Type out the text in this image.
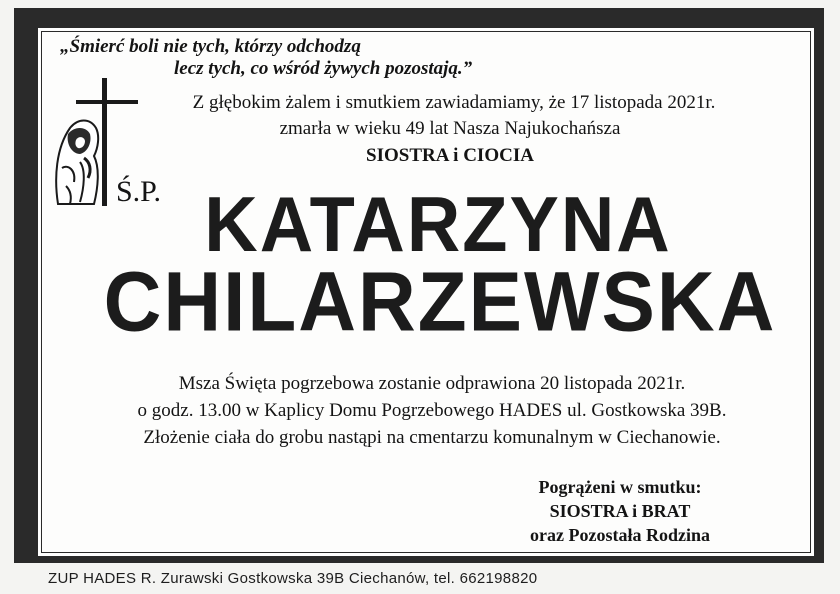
„Śmierć boli nie tych, którzy odchodzą
lecz tych, co wśród żywych pozostają.”
Z głębokim żalem i smutkiem zawiadamiamy, że 17 listopada 2021r.
zmarła w wieku 49 lat Nasza Najukochańsza
SIOSTRA i CIOCIA
Ś.P. KATARZYNA
CHILARZEWSKA
Msza Święta pogrzebowa zostanie odprawiona 20 listopada 2021r.
o godz. 13.00 w Kaplicy Domu Pogrzebowego HADES ul. Gostkowska 39B.
Złożenie ciała do grobu nastąpi na cmentarzu komunalnym w Ciechanowie.
Pogrążeni w smutku:
SIOSTRA i BRAT
oraz Pozostała Rodzina
ZUP HADES R. Zurawski Gostkowska 39B Ciechanów, tel. 662198820
